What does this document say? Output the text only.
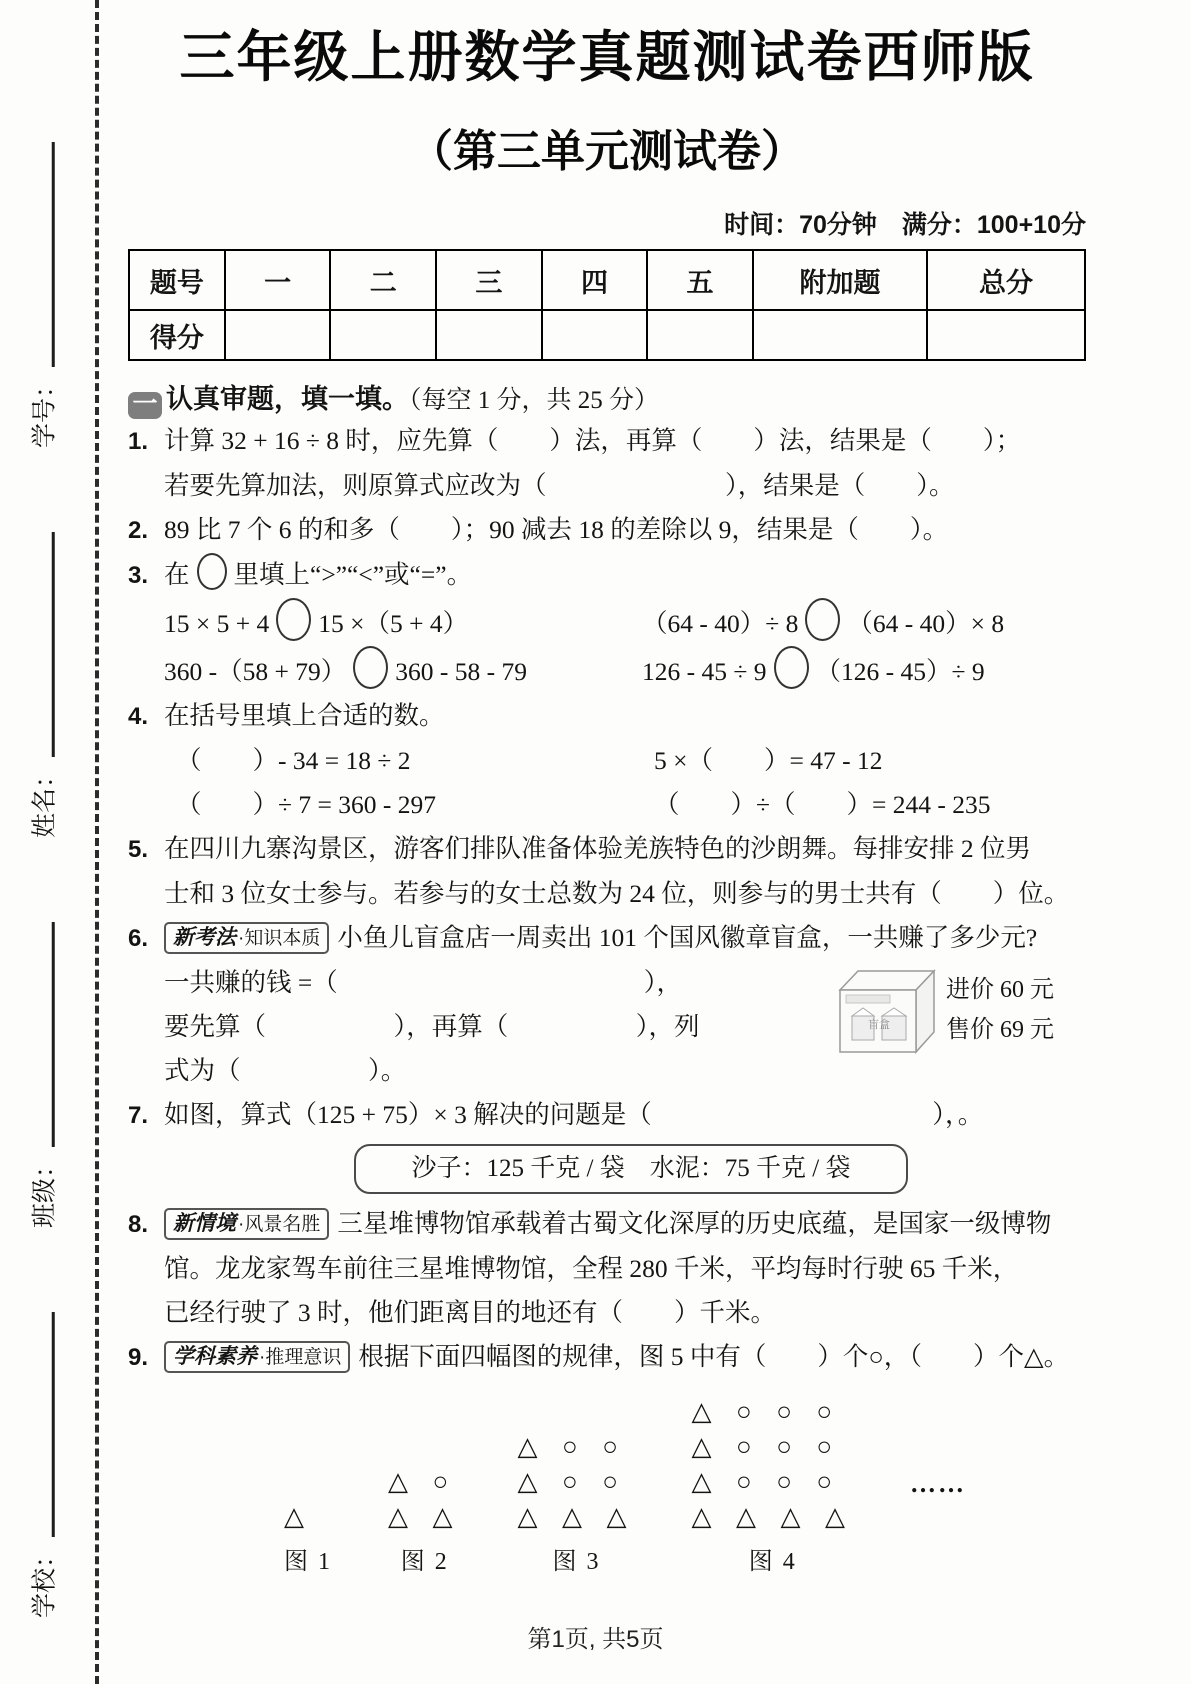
学号：
姓名：
班级：
学校：
三年级上册数学真题测试卷西师版
（第三单元测试卷）
时间：70分钟　满分：100+10分
题号	一	二	三	四	五	附加题	总分
得分							
一 认真审题，填一填。（每空 1 分，共 25 分）
1. 计算 32 + 16 ÷ 8 时，应先算（　　）法，再算（　　）法，结果是（　　）；
若要先算加法，则原算式应改为（　　　　　　　），结果是（　　）。
2. 89 比 7 个 6 的和多（　　）；90 减去 18 的差除以 9，结果是（　　）。
3. 在 里填上“>”“<”或“=”。
15 × 5 + 4 15 ×（5 + 4）	（64 - 40）÷ 8 （64 - 40）× 8
360 -（58 + 79） 360 - 58 - 79	126 - 45 ÷ 9 （126 - 45）÷ 9
4. 在括号里填上合适的数。
（　　）- 34 = 18 ÷ 2	5 ×（　　）= 47 - 12
（　　）÷ 7 = 360 - 297	（　　）÷（　　）= 244 - 235
5. 在四川九寨沟景区，游客们排队准备体验羌族特色的沙朗舞。每排安排 2 位男
士和 3 位女士参与。若参与的女士总数为 24 位，则参与的男士共有（　　）位。
6. 新考法 ·知识本质 小鱼儿盲盒店一周卖出 101 个国风徽章盲盒，一共赚了多少元?
一共赚的钱 =（　　　　　　　　　　　　），
要先算（　　　　　），再算（　　　　　），列
式为（　　　　　）。
盲盒
进价 60 元
售价 69 元
7. 如图，算式（125 + 75）× 3 解决的问题是（　　　　　　　　　　　），。
沙子：125 千克 / 袋　水泥：75 千克 / 袋
8. 新情境 ·风景名胜 三星堆博物馆承载着古蜀文化深厚的历史底蕴，是国家一级博物
馆。龙龙家驾车前往三星堆博物馆，全程 280 千米，平均每时行驶 65 千米，
已经行驶了 3 时，他们距离目的地还有（　　）千米。
9. 学科素养 ·推理意识 根据下面四幅图的规律，图 5 中有（　　）个○，（　　）个△。
△
图 1
△ ○
△ △
图 2
△ ○ ○
△ ○ ○
△ △ △
图 3
△ ○ ○ ○
△ ○ ○ ○
△ ○ ○ ○
△ △ △ △
图 4
……
第1页, 共5页
